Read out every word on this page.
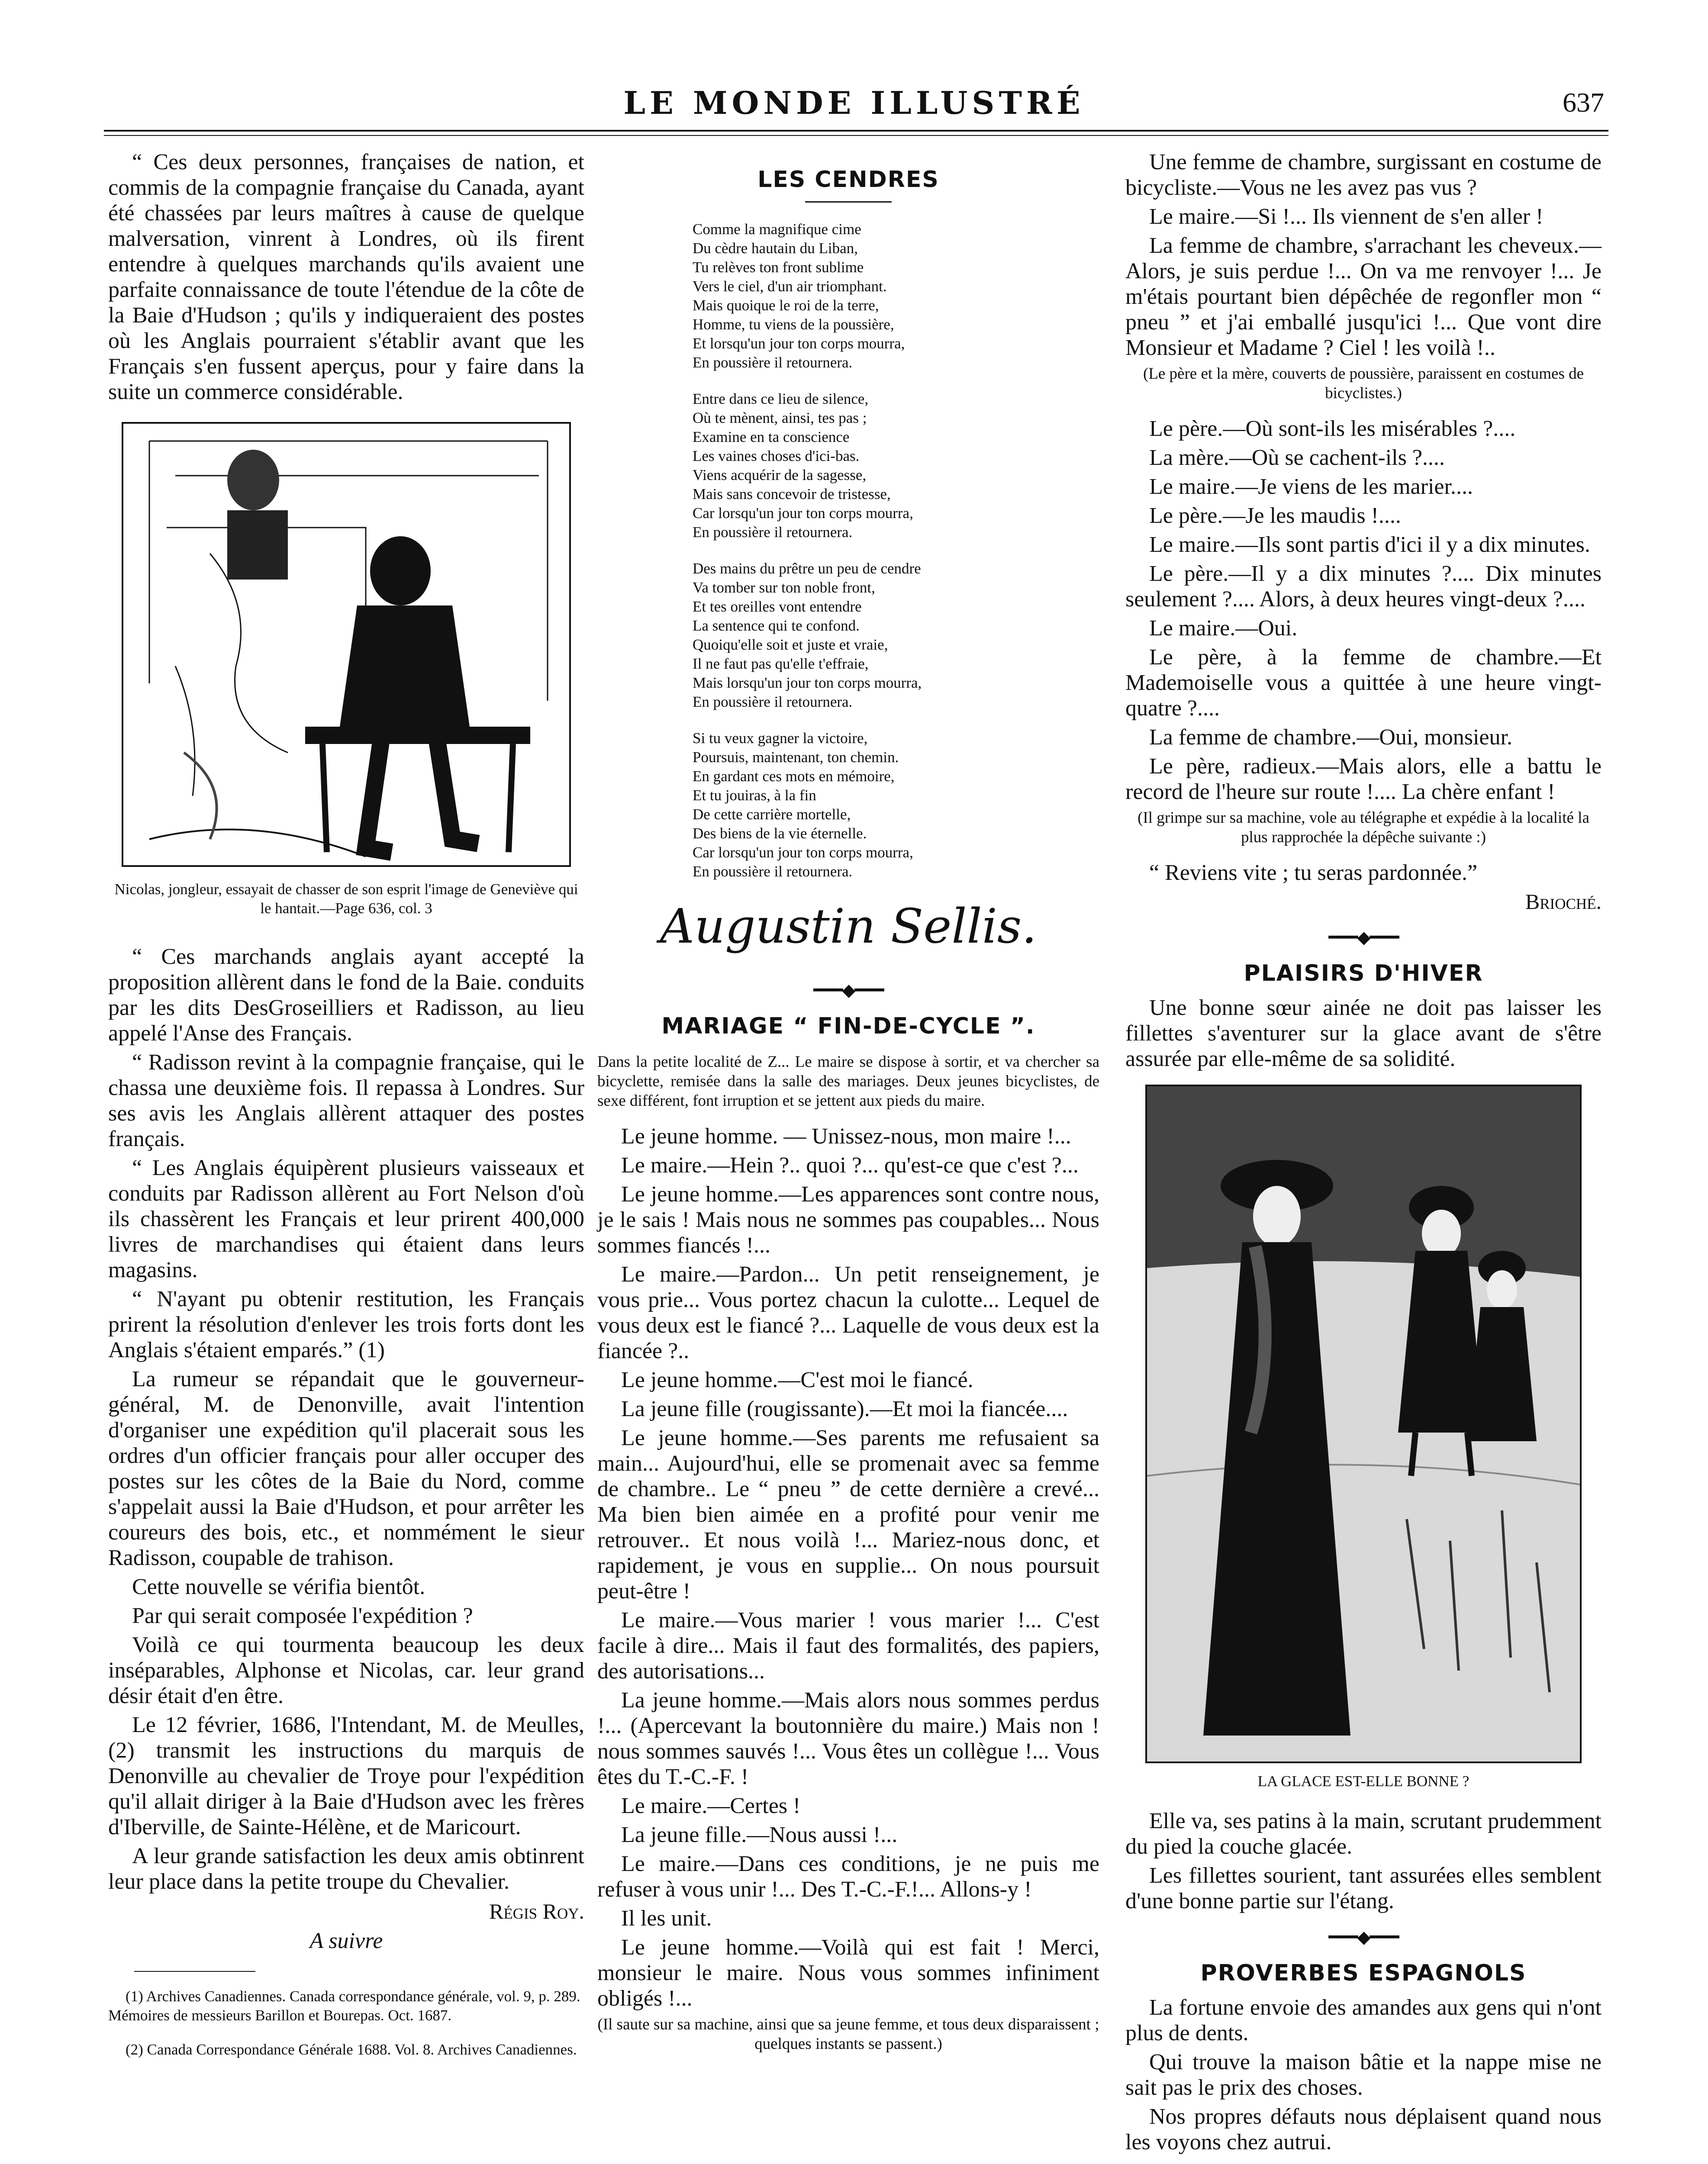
LE MONDE ILLUSTRÉ	637

“ Ces deux personnes, françaises de nation, et commis de la compagnie française du Canada, ayant été chassées par leurs maîtres à cause de quelque malversation, vinrent à Londres, où ils firent entendre à quelques marchands qu'ils avaient une parfaite connaissance de toute l'étendue de la côte de la Baie d'Hudson ; qu'ils y indiqueraient des postes où les Anglais pourraient s'établir avant que les Français s'en fussent aperçus, pour y faire dans la suite un commerce considérable.

Nicolas, jongleur, essayait de chasser de son esprit l'image de Geneviève qui le hantait.—Page 636, col. 3

“ Ces marchands anglais ayant accepté la proposition allèrent dans le fond de la Baie. conduits par les dits DesGroseilliers et Radisson, au lieu appelé l'Anse des Français.

“ Radisson revint à la compagnie française, qui le chassa une deuxième fois. Il repassa à Londres. Sur ses avis les Anglais allèrent attaquer des postes français.

“ Les Anglais équipèrent plusieurs vaisseaux et conduits par Radisson allèrent au Fort Nelson d'où ils chassèrent les Français et leur prirent 400,000 livres de marchandises qui étaient dans leurs magasins.

“ N'ayant pu obtenir restitution, les Français prirent la résolution d'enlever les trois forts dont les Anglais s'étaient emparés.” (1)

La rumeur se répandait que le gouverneur-général, M. de Denonville, avait l'intention d'organiser une expédition qu'il placerait sous les ordres d'un officier français pour aller occuper des postes sur les côtes de la Baie du Nord, comme s'appelait aussi la Baie d'Hudson, et pour arrêter les coureurs des bois, etc., et nommément le sieur Radisson, coupable de trahison.

Cette nouvelle se vérifia bientôt.

Par qui serait composée l'expédition ?

Voilà ce qui tourmenta beaucoup les deux inséparables, Alphonse et Nicolas, car. leur grand désir était d'en être.

Le 12 février, 1686, l'Intendant, M. de Meulles, (2) transmit les instructions du marquis de Denonville au chevalier de Troye pour l'expédition qu'il allait diriger à la Baie d'Hudson avec les frères d'Iberville, de Sainte-Hélène, et de Maricourt.

A leur grande satisfaction les deux amis obtinrent leur place dans la petite troupe du Chevalier.

Régis Roy.
A suivre

(1) Archives Canadiennes. Canada correspondance générale, vol. 9, p. 289. Mémoires de messieurs Barillon et Bourepas. Oct. 1687.

(2) Canada Correspondance Générale 1688. Vol. 8. Archives Canadiennes.

LES CENDRES
Comme la magnifique cime
Du cèdre hautain du Liban,
Tu relèves ton front sublime
Vers le ciel, d'un air triomphant.
Mais quoique le roi de la terre,
Homme, tu viens de la poussière,
Et lorsqu'un jour ton corps mourra,
En poussière il retournera.
Entre dans ce lieu de silence,
Où te mènent, ainsi, tes pas ;
Examine en ta conscience
Les vaines choses d'ici-bas.
Viens acquérir de la sagesse,
Mais sans concevoir de tristesse,
Car lorsqu'un jour ton corps mourra,
En poussière il retournera.
Des mains du prêtre un peu de cendre
Va tomber sur ton noble front,
Et tes oreilles vont entendre
La sentence qui te confond.
Quoiqu'elle soit et juste et vraie,
Il ne faut pas qu'elle t'effraie,
Mais lorsqu'un jour ton corps mourra,
En poussière il retournera.
Si tu veux gagner la victoire,
Poursuis, maintenant, ton chemin.
En gardant ces mots en mémoire,
Et tu jouiras, à la fin
De cette carrière mortelle,
Des biens de la vie éternelle.
Car lorsqu'un jour ton corps mourra,
En poussière il retournera.
Augustin Sellis.
━━━◆━━━
MARIAGE “ FIN-DE-CYCLE ”.

Dans la petite localité de Z... Le maire se dispose à sortir, et va chercher sa bicyclette, remisée dans la salle des mariages. Deux jeunes bicyclistes, de sexe différent, font irruption et se jettent aux pieds du maire.

Le jeune homme. — Unissez-nous, mon maire !...

Le maire.—Hein ?.. quoi ?... qu'est-ce que c'est ?...

Le jeune homme.—Les apparences sont contre nous, je le sais ! Mais nous ne sommes pas coupables... Nous sommes fiancés !...

Le maire.—Pardon... Un petit renseignement, je vous prie... Vous portez chacun la culotte... Lequel de vous deux est le fiancé ?... Laquelle de vous deux est la fiancée ?..

Le jeune homme.—C'est moi le fiancé.

La jeune fille (rougissante).—Et moi la fiancée....

Le jeune homme.—Ses parents me refusaient sa main... Aujourd'hui, elle se promenait avec sa femme de chambre.. Le “ pneu ” de cette dernière a crevé... Ma bien bien aimée en a profité pour venir me retrouver.. Et nous voilà !... Mariez-nous donc, et rapidement, je vous en supplie... On nous poursuit peut-être !

Le maire.—Vous marier ! vous marier !... C'est facile à dire... Mais il faut des formalités, des papiers, des autorisations...

La jeune homme.—Mais alors nous sommes perdus !... (Apercevant la boutonnière du maire.) Mais non ! nous sommes sauvés !... Vous êtes un collègue !... Vous êtes du T.-C.-F. !

Le maire.—Certes !

La jeune fille.—Nous aussi !...

Le maire.—Dans ces conditions, je ne puis me refuser à vous unir !... Des T.-C.-F.!... Allons-y !

Il les unit.

Le jeune homme.—Voilà qui est fait ! Merci, monsieur le maire. Nous vous sommes infiniment obligés !...

(Il saute sur sa machine, ainsi que sa jeune femme, et tous deux disparaissent ; quelques instants se passent.)

Une femme de chambre, surgissant en costume de bicycliste.—Vous ne les avez pas vus ?

Le maire.—Si !... Ils viennent de s'en aller !

La femme de chambre, s'arrachant les cheveux.—Alors, je suis perdue !... On va me renvoyer !... Je m'étais pourtant bien dépêchée de regonfler mon “ pneu ” et j'ai emballé jusqu'ici !... Que vont dire Monsieur et Madame ? Ciel ! les voilà !..

(Le père et la mère, couverts de poussière, paraissent en costumes de bicyclistes.)

Le père.—Où sont-ils les misérables ?....

La mère.—Où se cachent-ils ?....

Le maire.—Je viens de les marier....

Le père.—Je les maudis !....

Le maire.—Ils sont partis d'ici il y a dix minutes.

Le père.—Il y a dix minutes ?.... Dix minutes seulement ?.... Alors, à deux heures vingt-deux ?....

Le maire.—Oui.

Le père, à la femme de chambre.—Et Mademoiselle vous a quittée à une heure vingt-quatre ?....

La femme de chambre.—Oui, monsieur.

Le père, radieux.—Mais alors, elle a battu le record de l'heure sur route !.... La chère enfant !

(Il grimpe sur sa machine, vole au télégraphe et expédie à la localité la plus rapprochée la dépêche suivante :)

“ Reviens vite ; tu seras pardonnée.”

Brioché.
━━━◆━━━
PLAISIRS D'HIVER

Une bonne sœur ainée ne doit pas laisser les fillettes s'aventurer sur la glace avant de s'être assurée par elle-même de sa solidité.

LA GLACE EST-ELLE BONNE ?

Elle va, ses patins à la main, scrutant prudemment du pied la couche glacée.

Les fillettes sourient, tant assurées elles semblent d'une bonne partie sur l'étang.

━━━◆━━━
PROVERBES ESPAGNOLS

La fortune envoie des amandes aux gens qui n'ont plus de dents.

Qui trouve la maison bâtie et la nappe mise ne sait pas le prix des choses.

Nos propres défauts nous déplaisent quand nous les voyons chez autrui.
